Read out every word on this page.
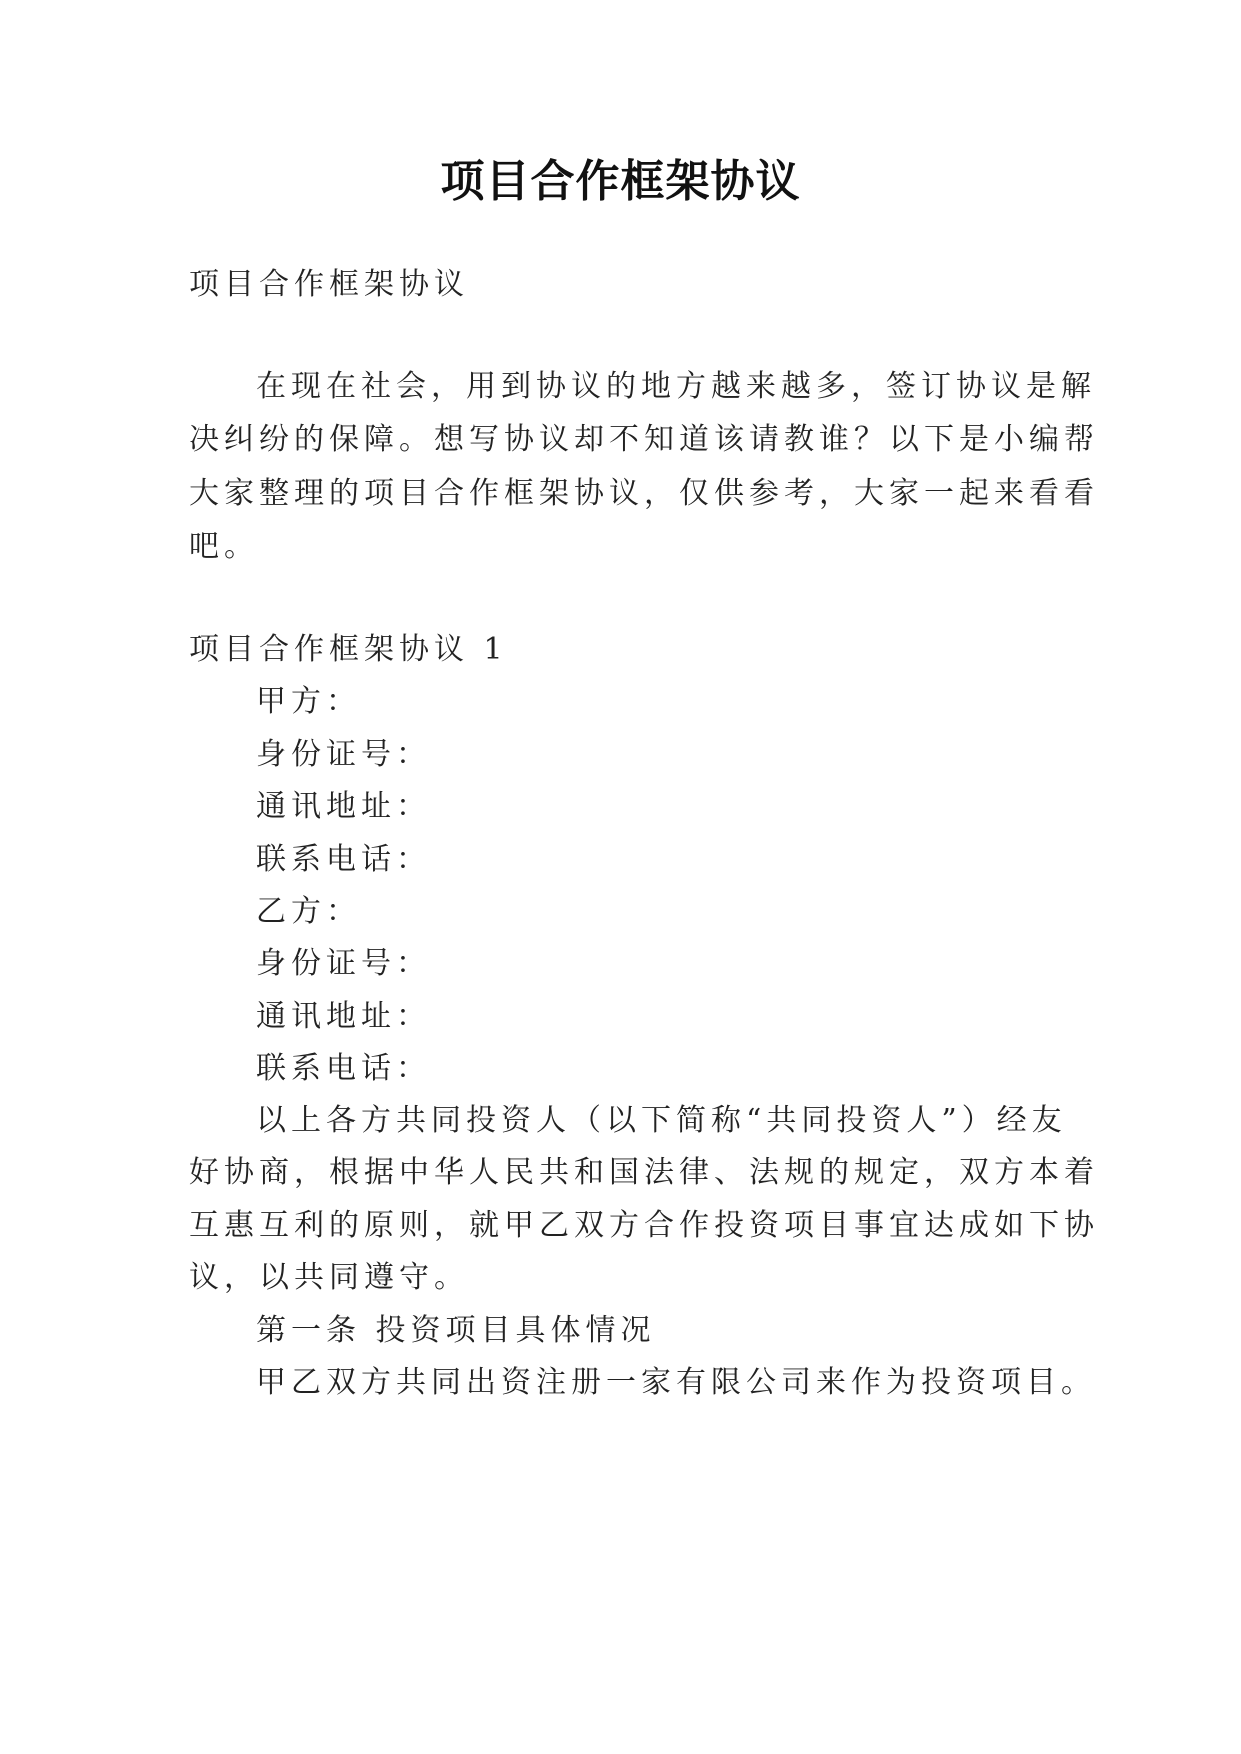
项目合作框架协议
项目合作框架协议
在现在社会，用到协议的地方越来越多，签订协议是解
决纠纷的保障。想写协议却不知道该请教谁？以下是小编帮
大家整理的项目合作框架协议，仅供参考，大家一起来看看
吧。
项目合作框架协议 1
甲方：
身份证号：
通讯地址：
联系电话：
乙方：
身份证号：
通讯地址：
联系电话：
以上各方共同投资人（以下简称“共同投资人”）经友
好协商，根据中华人民共和国法律、法规的规定，双方本着
互惠互利的原则，就甲乙双方合作投资项目事宜达成如下协
议，以共同遵守。
第一条 投资项目具体情况
甲乙双方共同出资注册一家有限公司来作为投资项目。
